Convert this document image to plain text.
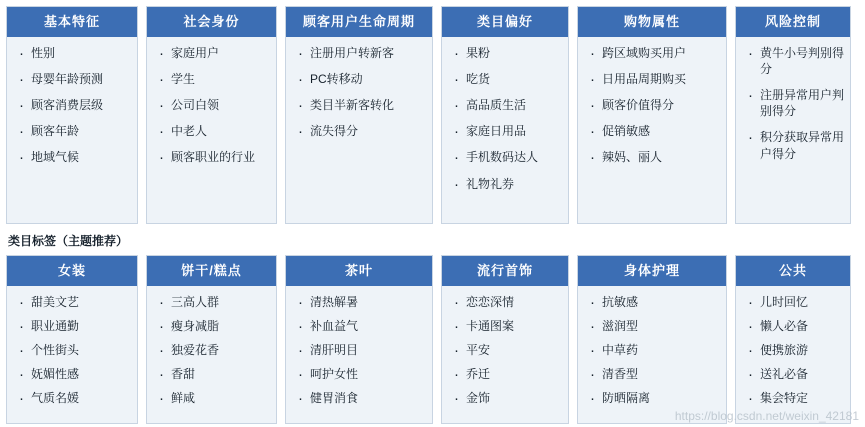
基本特征
· 性别
· 母婴年龄预测
· 顾客消费层级
· 顾客年龄
· 地域气候
社会身份
· 家庭用户
· 学生
· 公司白领
· 中老人
· 顾客职业的行业
顾客用户生命周期
· 注册用户转新客
· PC转移动
· 类目半新客转化
· 流失得分
类目偏好
· 果粉
· 吃货
· 高品质生活
· 家庭日用品
· 手机数码达人
· 礼物礼券
购物属性
· 跨区域购买用户
· 日用品周期购买
· 顾客价值得分
· 促销敏感
· 辣妈、丽人
风险控制
· 黄牛小号判别得分
· 注册异常用户判别得分
· 积分获取异常用户得分
类目标签（主题推荐）
女装
· 甜美文艺
· 职业通勤
· 个性街头
· 妩媚性感
· 气质名媛
饼干/糕点
· 三高人群
· 瘦身减脂
· 独爱花香
· 香甜
· 鲜咸
茶叶
· 清热解暑
· 补血益气
· 清肝明目
· 呵护女性
· 健胃消食
流行首饰
· 恋恋深情
· 卡通图案
· 平安
· 乔迁
· 金饰
身体护理
· 抗敏感
· 滋润型
· 中草药
· 清香型
· 防晒隔离
公共
· 儿时回忆
· 懒人必备
· 便携旅游
· 送礼必备
· 集会特定
https://blog.csdn.net/weixin_42181
